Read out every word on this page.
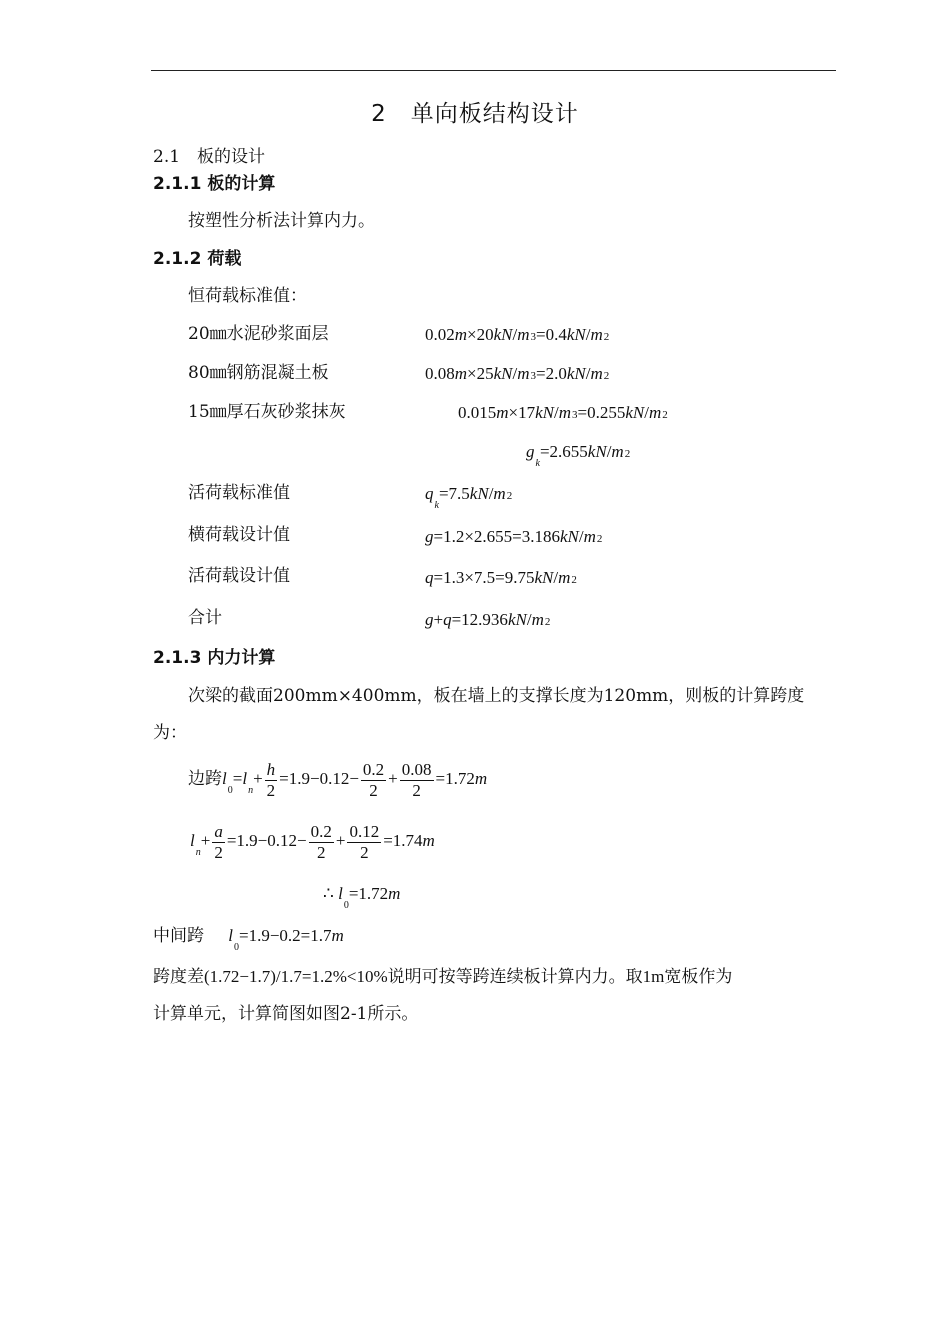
2　单向板结构设计
2.1　板的设计
2.1.1 板的计算
按塑性分析法计算内力。
2.1.2 荷载
恒荷载标准值：
20㎜水泥砂浆面层	0.02m×20kN/m3=0.4kN/m2
80㎜钢筋混凝土板	0.08m×25kN/m3=2.0kN/m2
15㎜厚石灰砂浆抹灰	0.015m×17kN/m3=0.255kN/m2
$g_k=2.655kN/m2$
活荷载标准值	$q_k=7.5kN/m2$
横荷载设计值	g=1.2×2.655=3.186kN/m2
活荷载设计值	q=1.3×7.5=9.75kN/m2
合计	g+q=12.936kN/m2
2.1.3 内力计算
次梁的截面200mm×400mm，板在墙上的支撑长度为120mm，则板的计算跨度
为：
边跨$l_0=l_n+ \frac{h}{2} =1.9-0.12- \frac{0.2}{2} + \frac{0.08}{2} =1.72m$
$l_n+ \frac{a}{2} =1.9-0.12- \frac{0.2}{2} + \frac{0.12}{2} =1.74m$
∴ $l_0=1.72m$
中间跨 $l_0=1.9-0.2=1.7m$
跨度差(1.72−1.7)/1.7=1.2%<10%说明可按等跨连续板计算内力。取1m宽板作为
计算单元，计算简图如图2-1所示。
